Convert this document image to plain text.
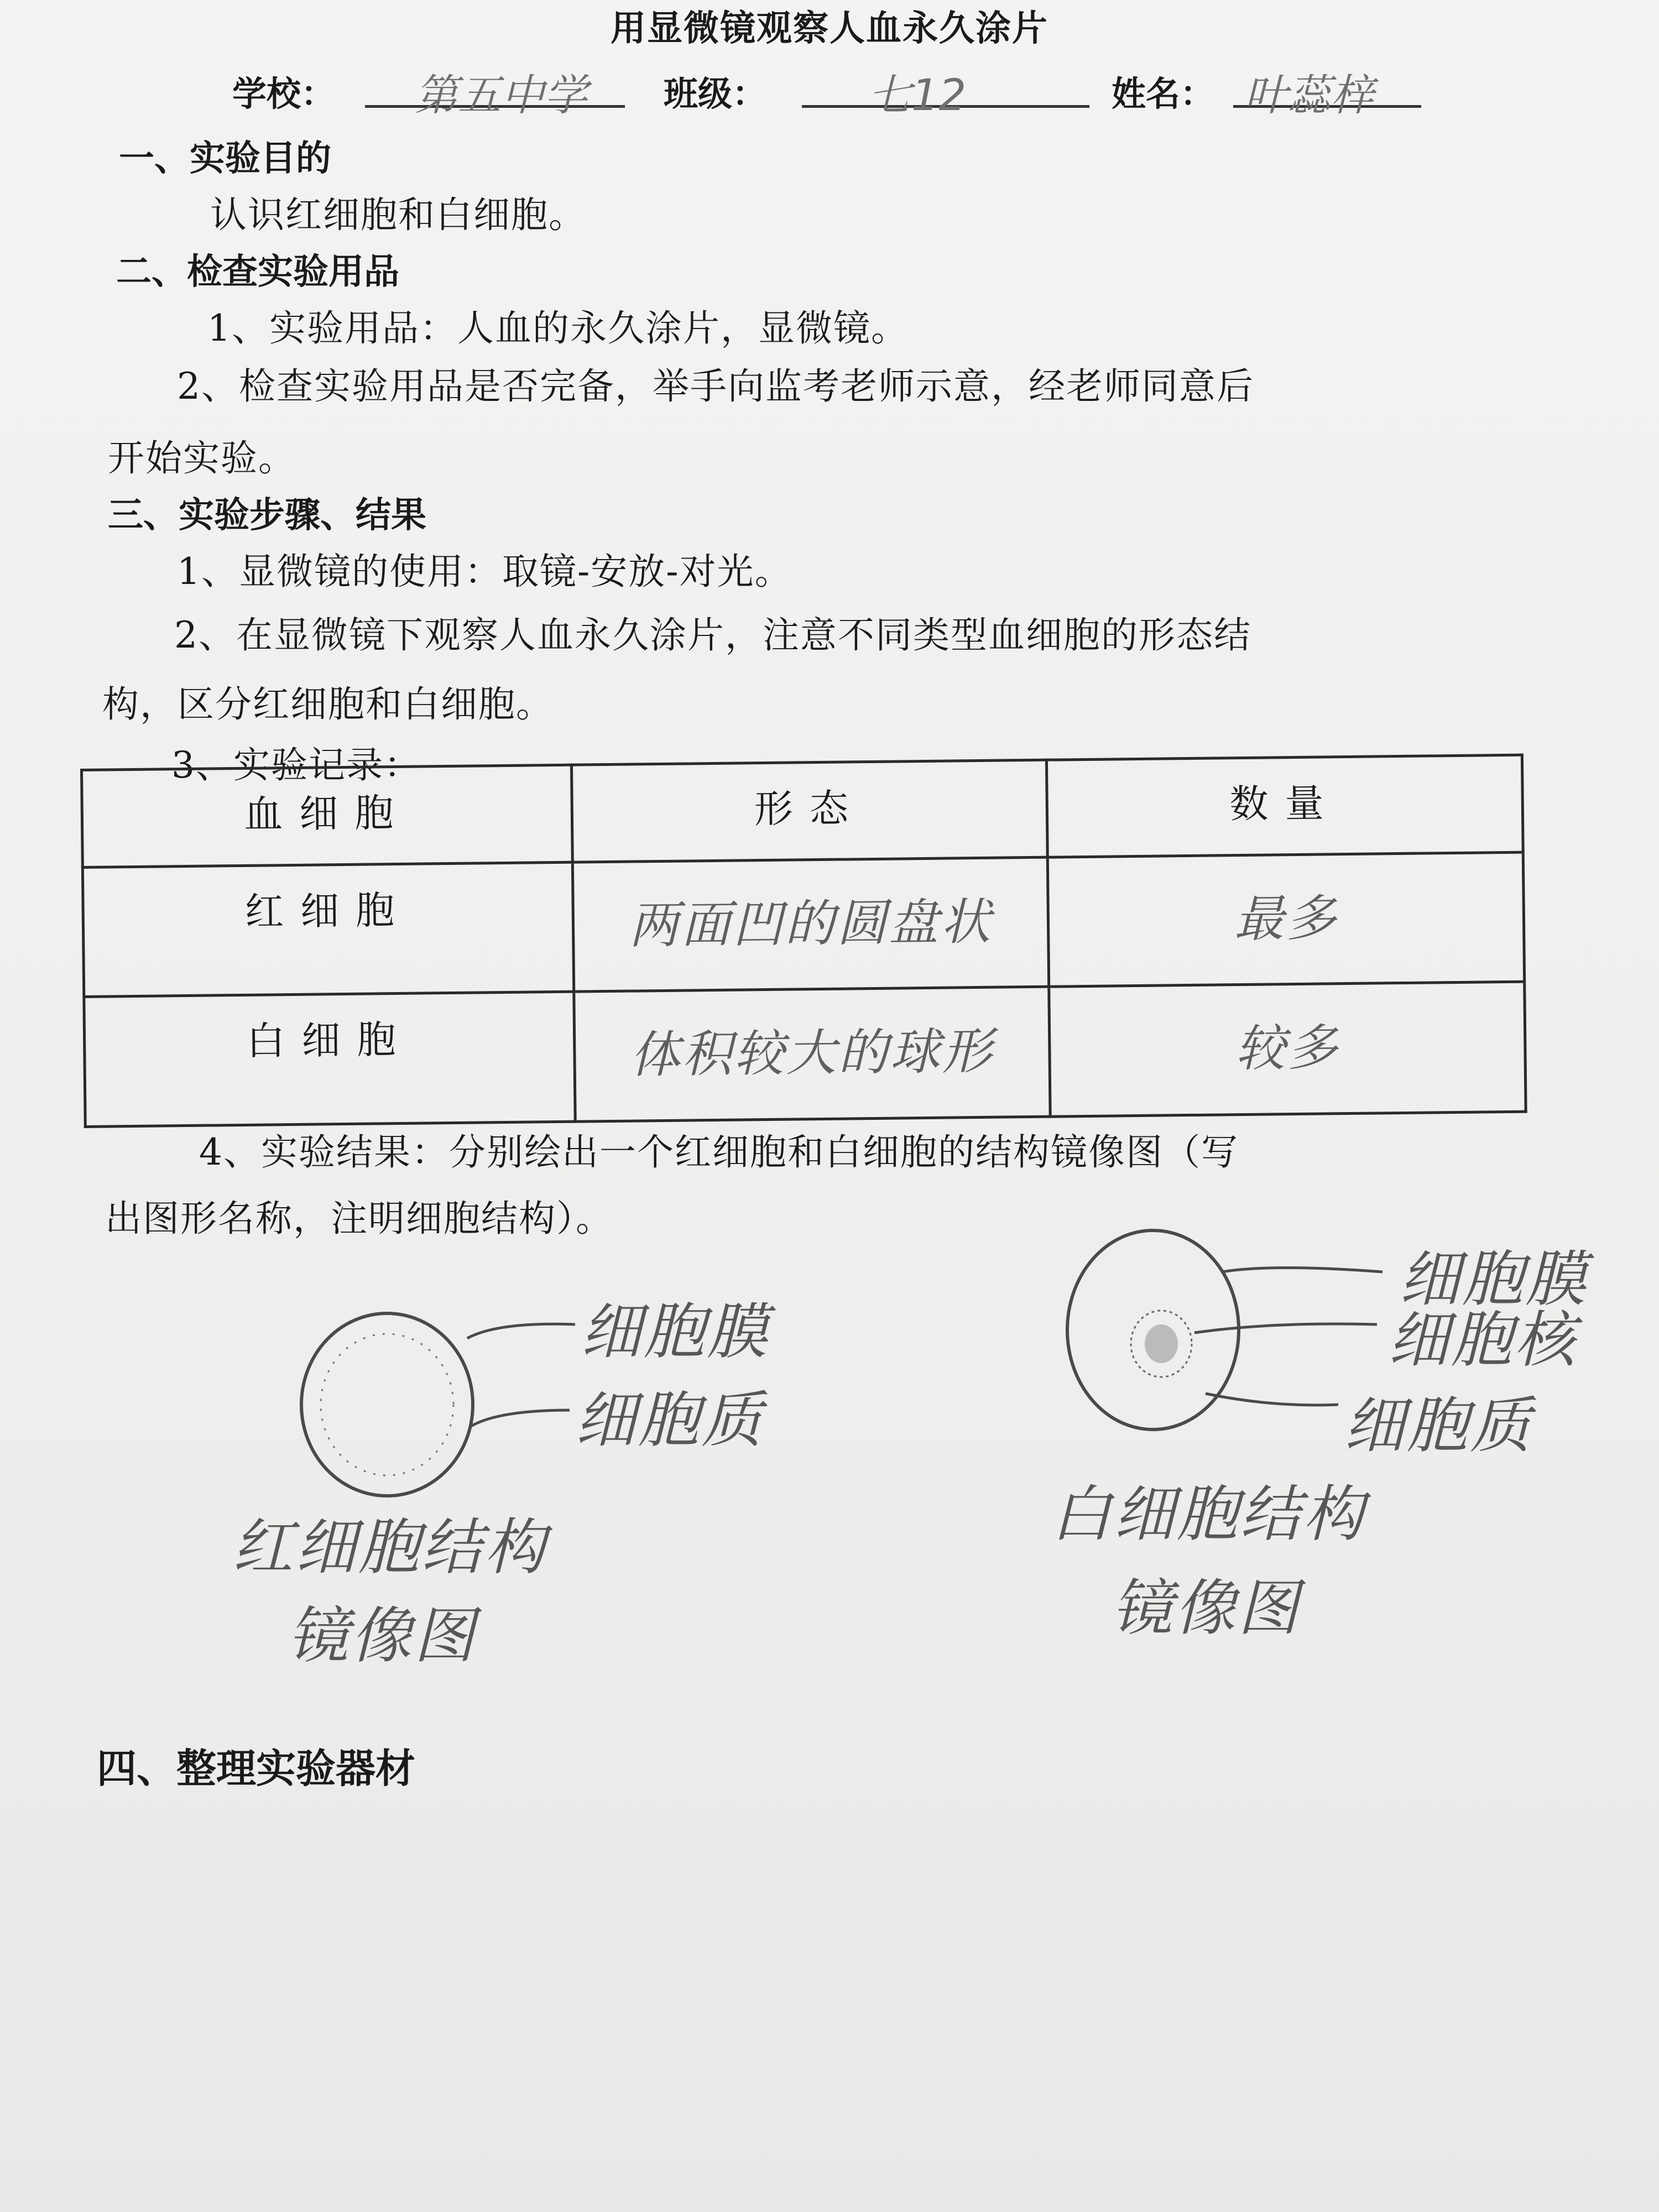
用显微镜观察人血永久涂片
学校： 第五中学 班级： 七12	姓名： 叶蕊梓
一、实验目的
认识红细胞和白细胞。
二、检查实验用品
1、实验用品：人血的永久涂片，显微镜。
2、检查实验用品是否完备，举手向监考老师示意，经老师同意后
开始实验。
三、实验步骤、结果
1、显微镜的使用：取镜-安放-对光。
2、在显微镜下观察人血永久涂片，注意不同类型血细胞的形态结
构，区分红细胞和白细胞。
3、实验记录：
血细胞	形态	数量
红细胞	两面凹的圆盘状	最多
白细胞	体积较大的球形	较多
4、实验结果：分别绘出一个红细胞和白细胞的结构镜像图（写
出图形名称，注明细胞结构）。
细胞膜
细胞质
红细胞结构
镜像图
细胞膜
细胞核
细胞质
白细胞结构
镜像图
四、整理实验器材
